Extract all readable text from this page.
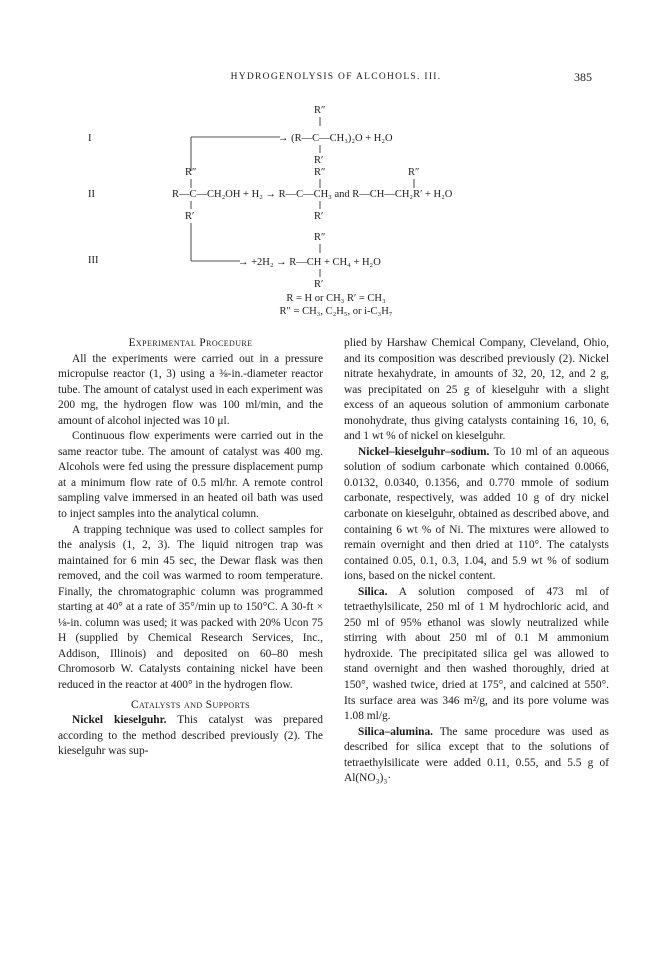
HYDROGENOLYSIS OF ALCOHOLS. III.	385
I
R″
→ (R—C—CH₃)₂O + H₂O
R′
II
R″	R″	R″
R—C—CH₂OH + H₂ → R—C—CH₃ and R—CH—CH₂R′ + H₂O
R′	R′
III
R″
→ +2H₂ → R—CH + CH₄ + H₂O
R′
R = H or CH₃ R′ = CH₃
R″ = CH₃, C₂H₅, or i-C₃H₇
Experimental Procedure

All the experiments were carried out in a pressure micropulse reactor (1, 3) using a ⅜-in.-diameter reactor tube. The amount of catalyst used in each experiment was 200 mg, the hydrogen flow was 100 ml/min, and the amount of alcohol injected was 10 μl.

Continuous flow experiments were carried out in the same reactor tube. The amount of catalyst was 400 mg. Alcohols were fed using the pressure displacement pump at a minimum flow rate of 0.5 ml/hr. A remote control sampling valve immersed in an heated oil bath was used to inject samples into the analytical column.

A trapping technique was used to collect samples for the analysis (1, 2, 3). The liquid nitrogen trap was maintained for 6 min 45 sec, the Dewar flask was then removed, and the coil was warmed to room temperature. Finally, the chromatographic column was programmed starting at 40° at a rate of 35°/min up to 150°C. A 30-ft × ⅛-in. column was used; it was packed with 20% Ucon 75 H (supplied by Chemical Research Services, Inc., Addison, Illinois) and deposited on 60–80 mesh Chromosorb W. Catalysts containing nickel have been reduced in the reactor at 400° in the hydrogen flow.

Catalysts and Supports

Nickel kieselguhr. This catalyst was prepared according to the method described previously (2). The kieselguhr was sup-

plied by Harshaw Chemical Company, Cleveland, Ohio, and its composition was described previously (2). Nickel nitrate hexahydrate, in amounts of 32, 20, 12, and 2 g, was precipitated on 25 g of kieselguhr with a slight excess of an aqueous solution of ammonium carbonate monohydrate, thus giving catalysts containing 16, 10, 6, and 1 wt % of nickel on kieselguhr.

Nickel–kieselguhr–sodium. To 10 ml of an aqueous solution of sodium carbonate which contained 0.0066, 0.0132, 0.0340, 0.1356, and 0.770 mmole of sodium carbonate, respectively, was added 10 g of dry nickel carbonate on kieselguhr, obtained as described above, and containing 6 wt % of Ni. The mixtures were allowed to remain overnight and then dried at 110°. The catalysts contained 0.05, 0.1, 0.3, 1.04, and 5.9 wt % of sodium ions, based on the nickel content.

Silica. A solution composed of 473 ml of tetraethylsilicate, 250 ml of 1 M hydrochloric acid, and 250 ml of 95% ethanol was slowly neutralized while stirring with about 250 ml of 0.1 M ammonium hydroxide. The precipitated silica gel was allowed to stand overnight and then washed thoroughly, dried at 150°, washed twice, dried at 175°, and calcined at 550°. Its surface area was 346 m²/g, and its pore volume was 1.08 ml/g.

Silica–alumina. The same procedure was used as described for silica except that to the solutions of tetraethylsilicate were added 0.11, 0.55, and 5.5 g of Al(NO₃)₃·
